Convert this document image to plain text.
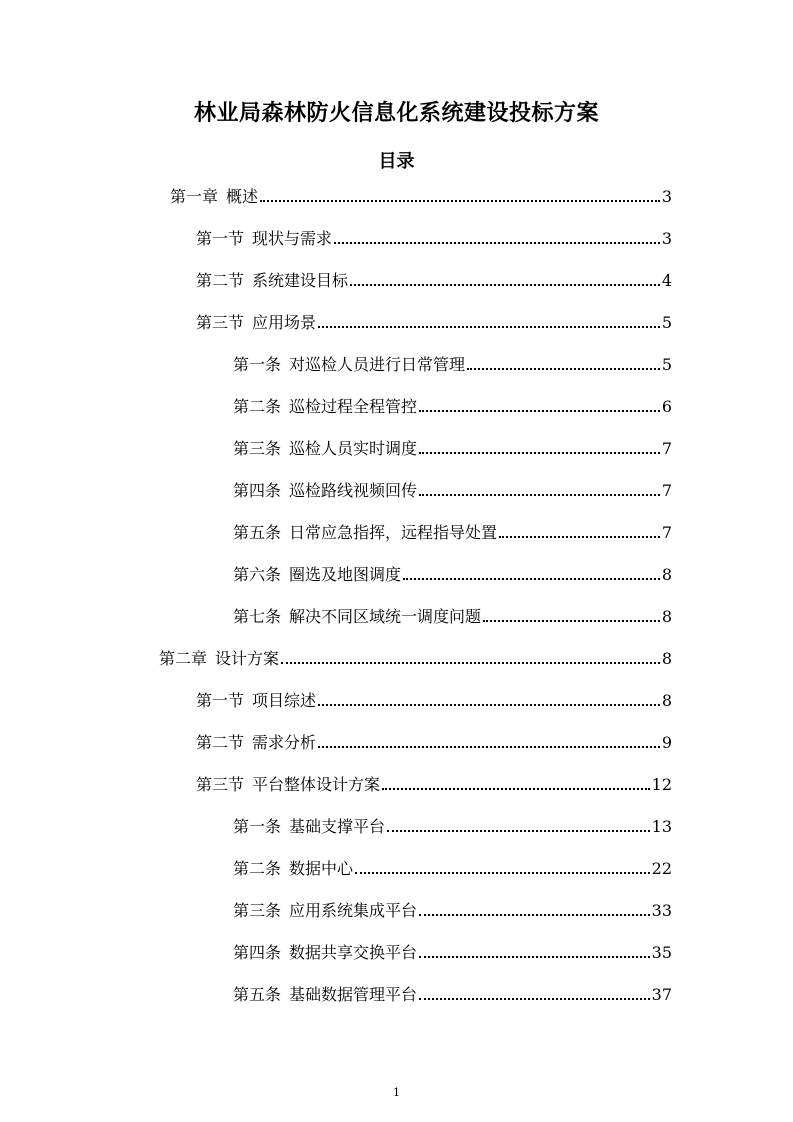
林业局森林防火信息化系统建设投标方案
目录
第一章 概述	3
第一节 现状与需求	3
第二节 系统建设目标	4
第三节 应用场景	5
第一条 对巡检人员进行日常管理	5
第二条 巡检过程全程管控	6
第三条 巡检人员实时调度	7
第四条 巡检路线视频回传	7
第五条 日常应急指挥，远程指导处置	7
第六条 圈选及地图调度	8
第七条 解决不同区域统一调度问题	8
第二章 设计方案	8
第一节 项目综述	8
第二节 需求分析	9
第三节 平台整体设计方案	12
第一条 基础支撑平台	13
第二条 数据中心	22
第三条 应用系统集成平台	33
第四条 数据共享交换平台	35
第五条 基础数据管理平台	37
1
